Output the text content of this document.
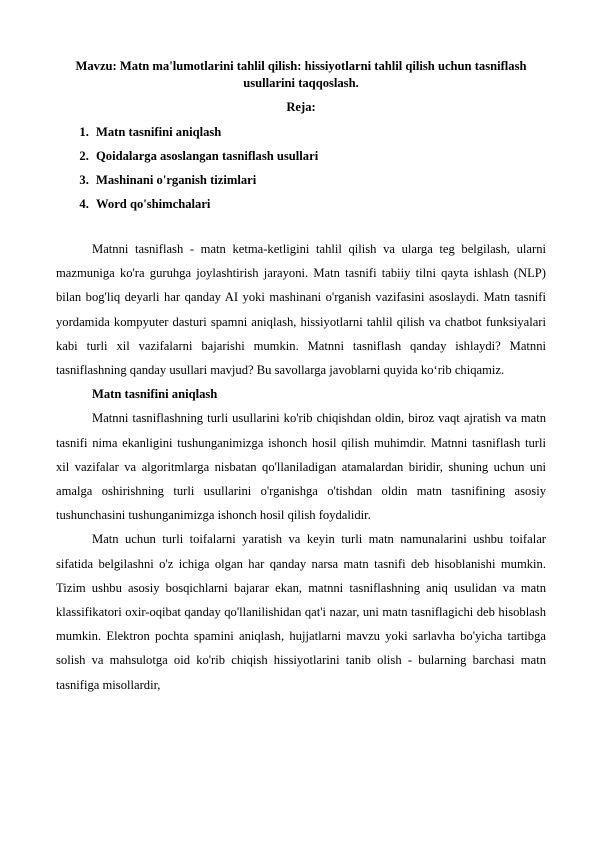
Mavzu: Matn ma'lumotlarini tahlil qilish: hissiyotlarni tahlil qilish uchun tasniflash usullarini taqqoslash.

Reja:

1. Matn tasnifini aniqlash
2. Qoidalarga asoslangan tasniflash usullari
3. Mashinani o'rganish tizimlari
4. Word qo'shimchalari

Matnni tasniflash - matn ketma-ketligini tahlil qilish va ularga teg belgilash, ularni mazmuniga ko'ra guruhga joylashtirish jarayoni. Matn tasnifi tabiiy tilni qayta ishlash (NLP) bilan bog'liq deyarli har qanday AI yoki mashinani o'rganish vazifasini asoslaydi. Matn tasnifi yordamida kompyuter dasturi spamni aniqlash, hissiyotlarni tahlil qilish va chatbot funksiyalari kabi turli xil vazifalarni bajarishi mumkin. Matnni tasniflash qanday ishlaydi? Matnni tasniflashning qanday usullari mavjud? Bu savollarga javoblarni quyida ko‘rib chiqamiz.

Matn tasnifini aniqlash

Matnni tasniflashning turli usullarini ko'rib chiqishdan oldin, biroz vaqt ajratish va matn tasnifi nima ekanligini tushunganimizga ishonch hosil qilish muhimdir. Matnni tasniflash turli xil vazifalar va algoritmlarga nisbatan qo'llaniladigan atamalardan biridir, shuning uchun uni amalga oshirishning turli usullarini o'rganishga o'tishdan oldin matn tasnifining asosiy tushunchasini tushunganimizga ishonch hosil qilish foydalidir.

Matn uchun turli toifalarni yaratish va keyin turli matn namunalarini ushbu toifalar sifatida belgilashni o'z ichiga olgan har qanday narsa matn tasnifi deb hisoblanishi mumkin. Tizim ushbu asosiy bosqichlarni bajarar ekan, matnni tasniflashning aniq usulidan va matn klassifikatori oxir-oqibat qanday qo'llanilishidan qat'i nazar, uni matn tasniflagichi deb hisoblash mumkin. Elektron pochta spamini aniqlash, hujjatlarni mavzu yoki sarlavha bo'yicha tartibga solish va mahsulotga oid ko'rib chiqish hissiyotlarini tanib olish - bularning barchasi matn tasnifiga misollardir,
